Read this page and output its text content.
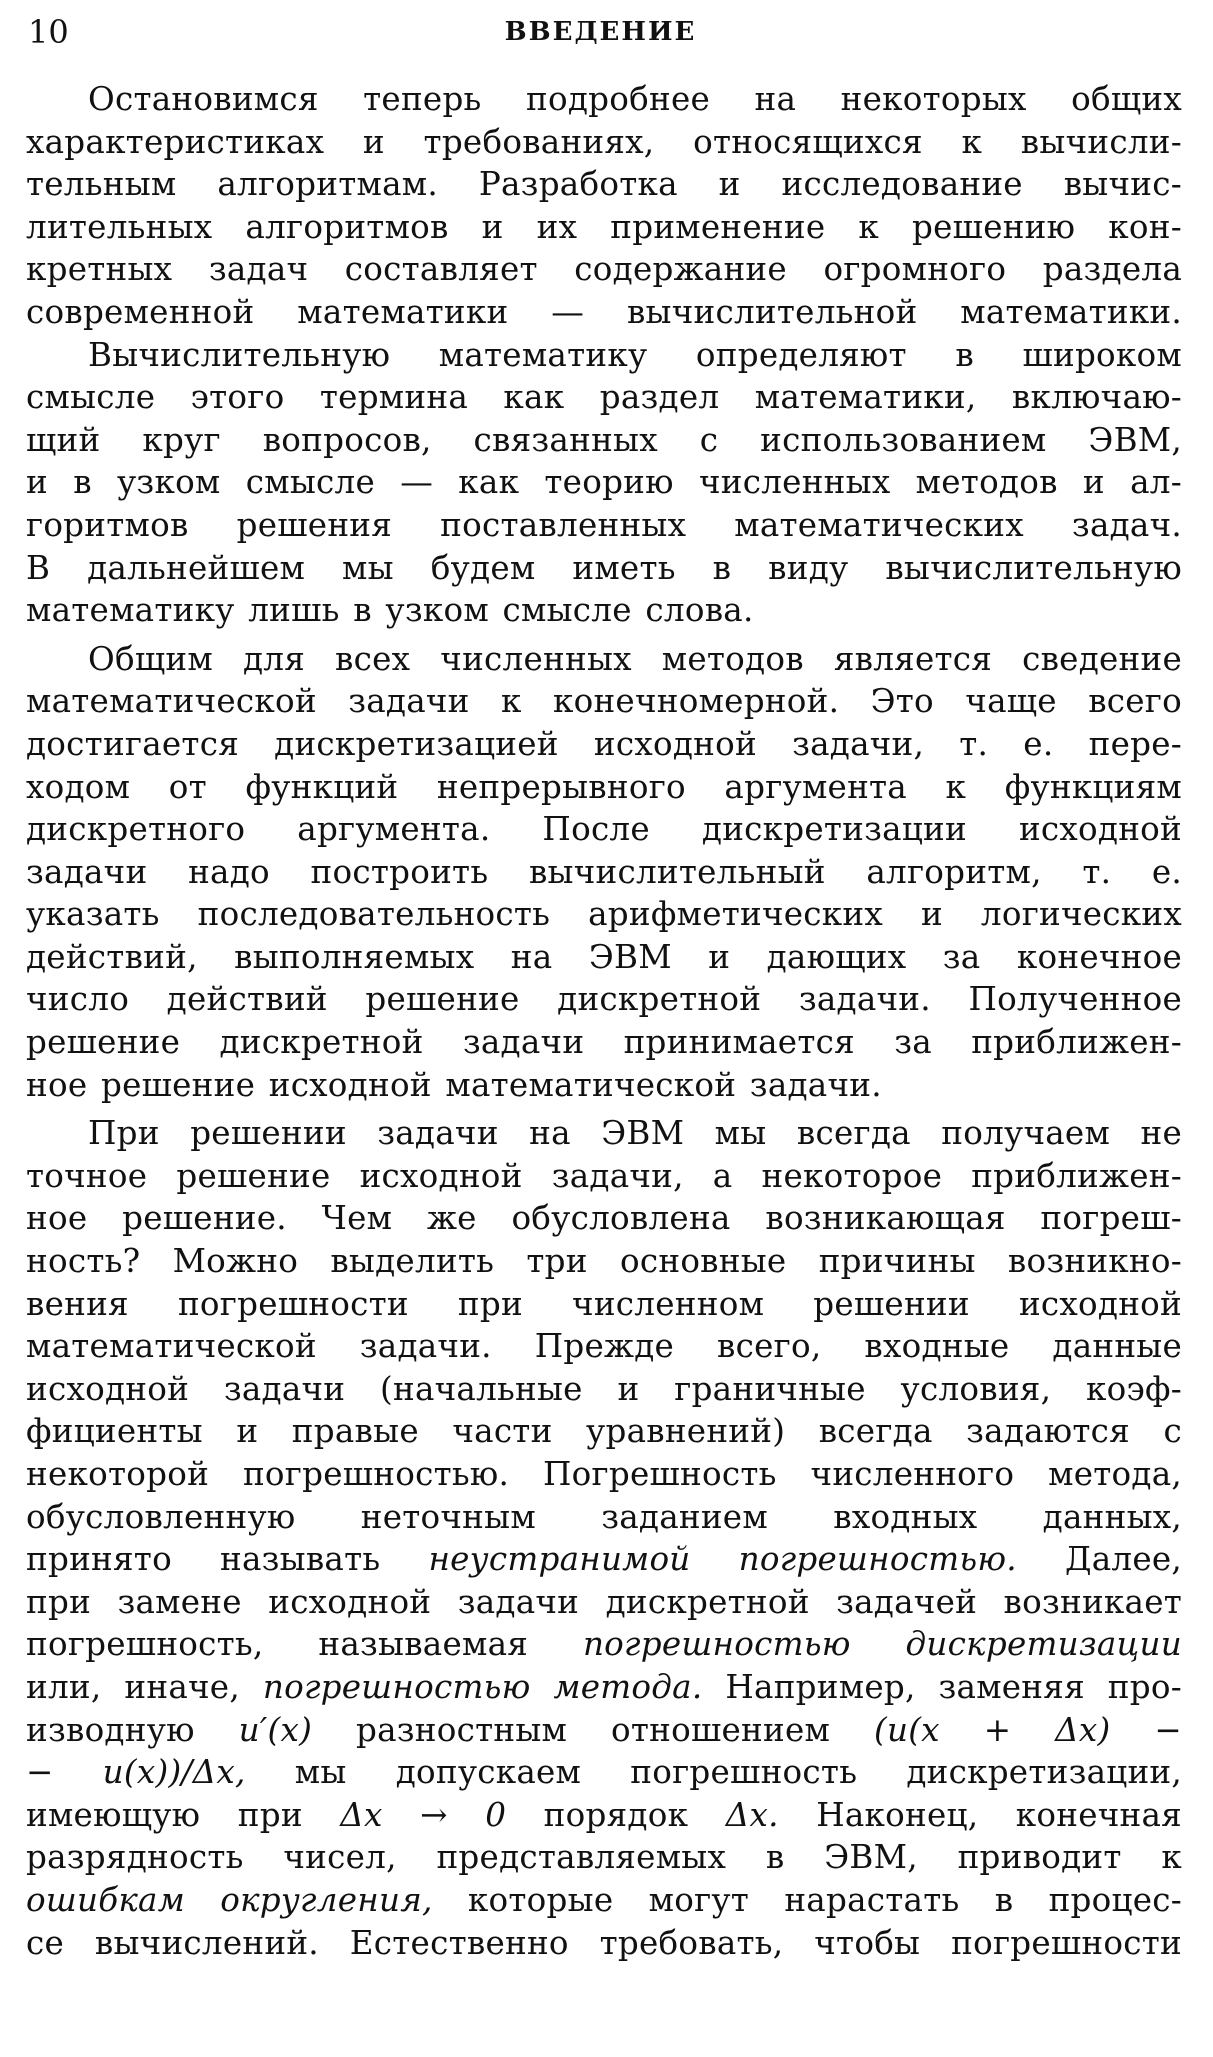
10	ВВЕДЕНИЕ

Остановимся теперь подробнее на некоторых общих
характеристиках и требованиях, относящихся к вычисли-
тельным алгоритмам. Разработка и исследование вычис-
лительных алгоритмов и их применение к решению кон-
кретных задач составляет содержание огромного раздела
современной математики — вычислительной математики.

Вычислительную математику определяют в широком
смысле этого термина как раздел математики, включаю-
щий круг вопросов, связанных с использованием ЭВМ,
и в узком смысле — как теорию численных методов и ал-
горитмов решения поставленных математических задач.
В дальнейшем мы будем иметь в виду вычислительную
математику лишь в узком смысле слова.

Общим для всех численных методов является сведение
математической задачи к конечномерной. Это чаще всего
достигается дискретизацией исходной задачи, т. е. пере-
ходом от функций непрерывного аргумента к функциям
дискретного аргумента. После дискретизации исходной
задачи надо построить вычислительный алгоритм, т. е.
указать последовательность арифметических и логических
действий, выполняемых на ЭВМ и дающих за конечное
число действий решение дискретной задачи. Полученное
решение дискретной задачи принимается за приближен-
ное решение исходной математической задачи.

При решении задачи на ЭВМ мы всегда получаем не
точное решение исходной задачи, а некоторое приближен-
ное решение. Чем же обусловлена возникающая погреш-
ность? Можно выделить три основные причины возникно-
вения погрешности при численном решении исходной
математической задачи. Прежде всего, входные данные
исходной задачи (начальные и граничные условия, коэф-
фициенты и правые части уравнений) всегда задаются с
некоторой погрешностью. Погрешность численного метода,
обусловленную неточным заданием входных данных,
принято называть неустранимой погрешностью. Далее,
при замене исходной задачи дискретной задачей возникает
погрешность, называемая погрешностью дискретизации
или, иначе, погрешностью метода. Например, заменяя про-
изводную u′(x) разностным отношением (u(x + Δx) −
− u(x))/Δx, мы допускаем погрешность дискретизации,
имеющую при Δx → 0 порядок Δx. Наконец, конечная
разрядность чисел, представляемых в ЭВМ, приводит к
ошибкам округления, которые могут нарастать в процес-
се вычислений. Естественно требовать, чтобы погрешности
